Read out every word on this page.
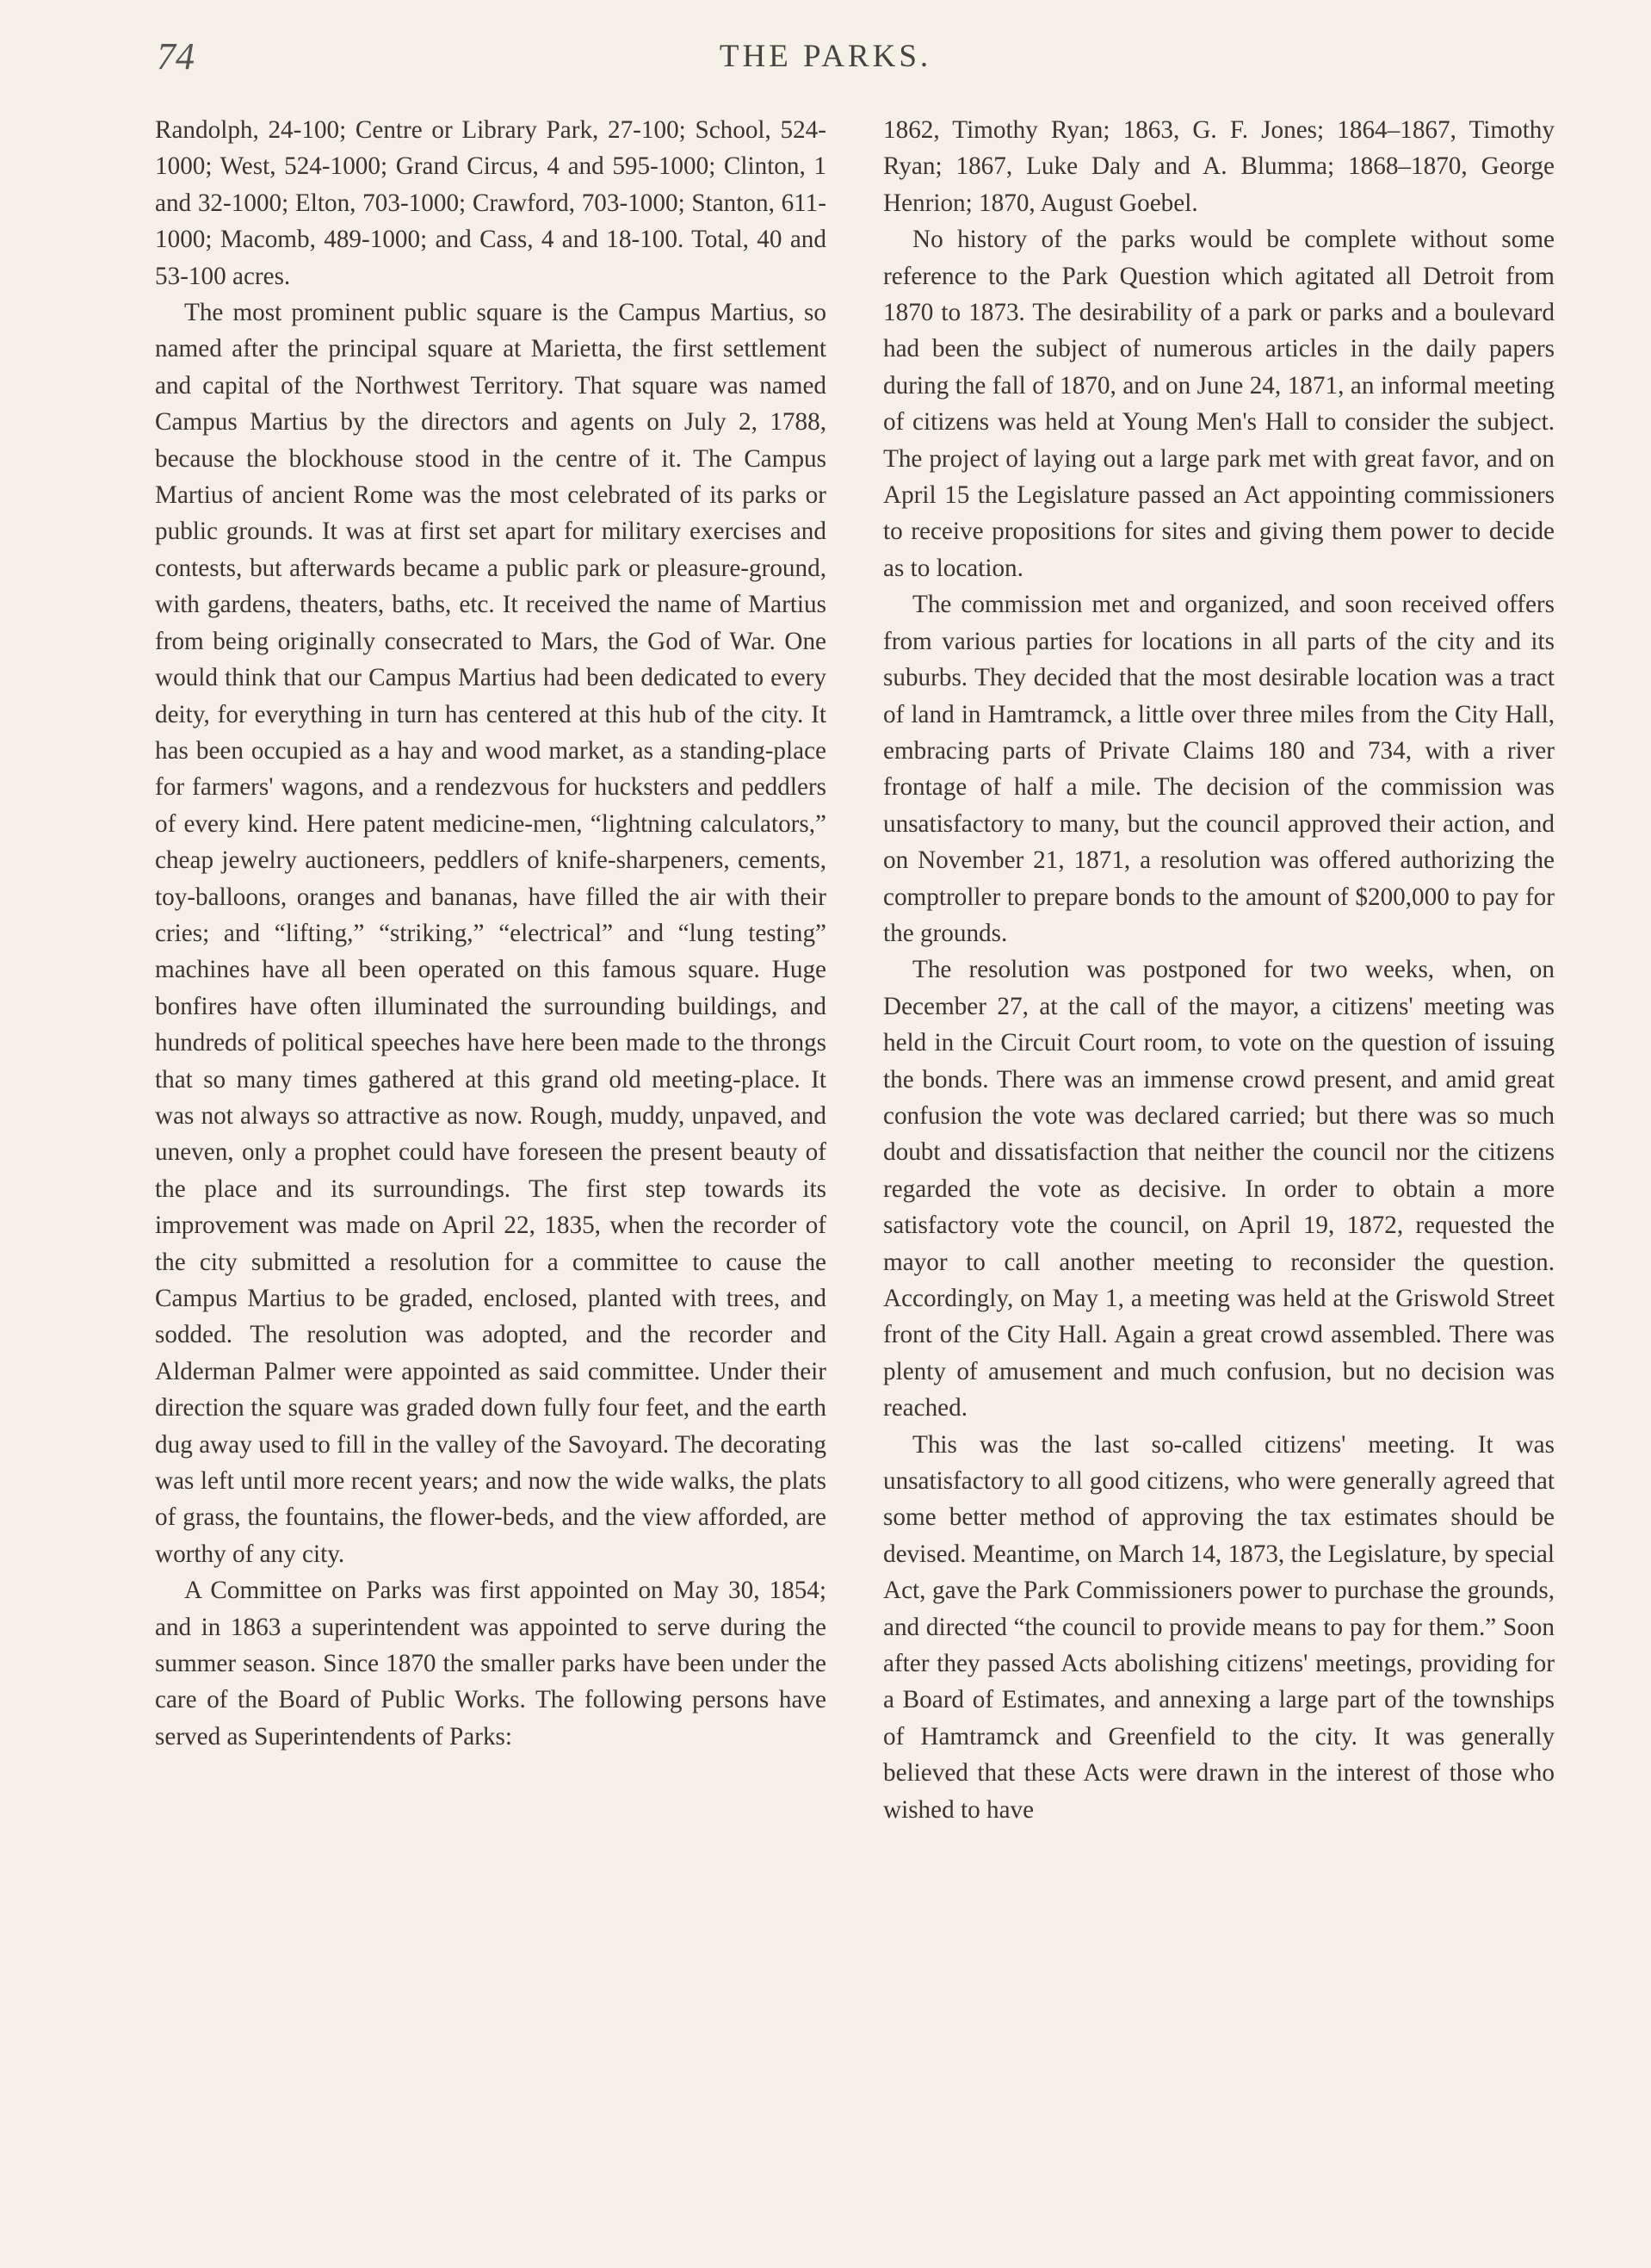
74	THE PARKS.

Randolph, 24-100; Centre or Library Park, 27-100; School, 524-1000; West, 524-1000; Grand Circus, 4 and 595-1000; Clinton, 1 and 32-1000; Elton, 703-1000; Crawford, 703-1000; Stanton, 611-1000; Macomb, 489-1000; and Cass, 4 and 18-100. Total, 40 and 53-100 acres.

The most prominent public square is the Campus Martius, so named after the principal square at Marietta, the first settlement and capital of the Northwest Territory. That square was named Campus Martius by the directors and agents on July 2, 1788, because the blockhouse stood in the centre of it. The Campus Martius of ancient Rome was the most celebrated of its parks or public grounds. It was at first set apart for military exercises and contests, but afterwards became a public park or pleasure-ground, with gardens, theaters, baths, etc. It received the name of Martius from being originally consecrated to Mars, the God of War. One would think that our Campus Martius had been dedicated to every deity, for everything in turn has centered at this hub of the city. It has been occupied as a hay and wood market, as a standing-place for farmers' wagons, and a rendezvous for hucksters and peddlers of every kind. Here patent medicine-men, “lightning calculators,” cheap jewelry auctioneers, peddlers of knife-sharpeners, cements, toy-balloons, oranges and bananas, have filled the air with their cries; and “lifting,” “striking,” “electrical” and “lung testing” machines have all been operated on this famous square. Huge bonfires have often illuminated the surrounding buildings, and hundreds of political speeches have here been made to the throngs that so many times gathered at this grand old meeting-place. It was not always so attractive as now. Rough, muddy, unpaved, and uneven, only a prophet could have foreseen the present beauty of the place and its surroundings. The first step towards its improvement was made on April 22, 1835, when the recorder of the city submitted a resolution for a committee to cause the Campus Martius to be graded, enclosed, planted with trees, and sodded. The resolution was adopted, and the recorder and Alderman Palmer were appointed as said committee. Under their direction the square was graded down fully four feet, and the earth dug away used to fill in the valley of the Savoyard. The decorating was left until more recent years; and now the wide walks, the plats of grass, the fountains, the flower-beds, and the view afforded, are worthy of any city.

A Committee on Parks was first appointed on May 30, 1854; and in 1863 a superintendent was appointed to serve during the summer season. Since 1870 the smaller parks have been under the care of the Board of Public Works. The following persons have served as Superintendents of Parks:

1862, Timothy Ryan; 1863, G. F. Jones; 1864–1867, Timothy Ryan; 1867, Luke Daly and A. Blumma; 1868–1870, George Henrion; 1870, August Goebel.

No history of the parks would be complete without some reference to the Park Question which agitated all Detroit from 1870 to 1873. The desirability of a park or parks and a boulevard had been the subject of numerous articles in the daily papers during the fall of 1870, and on June 24, 1871, an informal meeting of citizens was held at Young Men's Hall to consider the subject. The project of laying out a large park met with great favor, and on April 15 the Legislature passed an Act appointing commissioners to receive propositions for sites and giving them power to decide as to location.

The commission met and organized, and soon received offers from various parties for locations in all parts of the city and its suburbs. They decided that the most desirable location was a tract of land in Hamtramck, a little over three miles from the City Hall, embracing parts of Private Claims 180 and 734, with a river frontage of half a mile. The decision of the commission was unsatisfactory to many, but the council approved their action, and on November 21, 1871, a resolution was offered authorizing the comptroller to prepare bonds to the amount of $200,000 to pay for the grounds.

The resolution was postponed for two weeks, when, on December 27, at the call of the mayor, a citizens' meeting was held in the Circuit Court room, to vote on the question of issuing the bonds. There was an immense crowd present, and amid great confusion the vote was declared carried; but there was so much doubt and dissatisfaction that neither the council nor the citizens regarded the vote as decisive. In order to obtain a more satisfactory vote the council, on April 19, 1872, requested the mayor to call another meeting to reconsider the question. Accordingly, on May 1, a meeting was held at the Griswold Street front of the City Hall. Again a great crowd assembled. There was plenty of amusement and much confusion, but no decision was reached.

This was the last so-called citizens' meeting. It was unsatisfactory to all good citizens, who were generally agreed that some better method of approving the tax estimates should be devised. Meantime, on March 14, 1873, the Legislature, by special Act, gave the Park Commissioners power to purchase the grounds, and directed “the council to provide means to pay for them.” Soon after they passed Acts abolishing citizens' meetings, providing for a Board of Estimates, and annexing a large part of the townships of Hamtramck and Greenfield to the city. It was generally believed that these Acts were drawn in the interest of those who wished to have
